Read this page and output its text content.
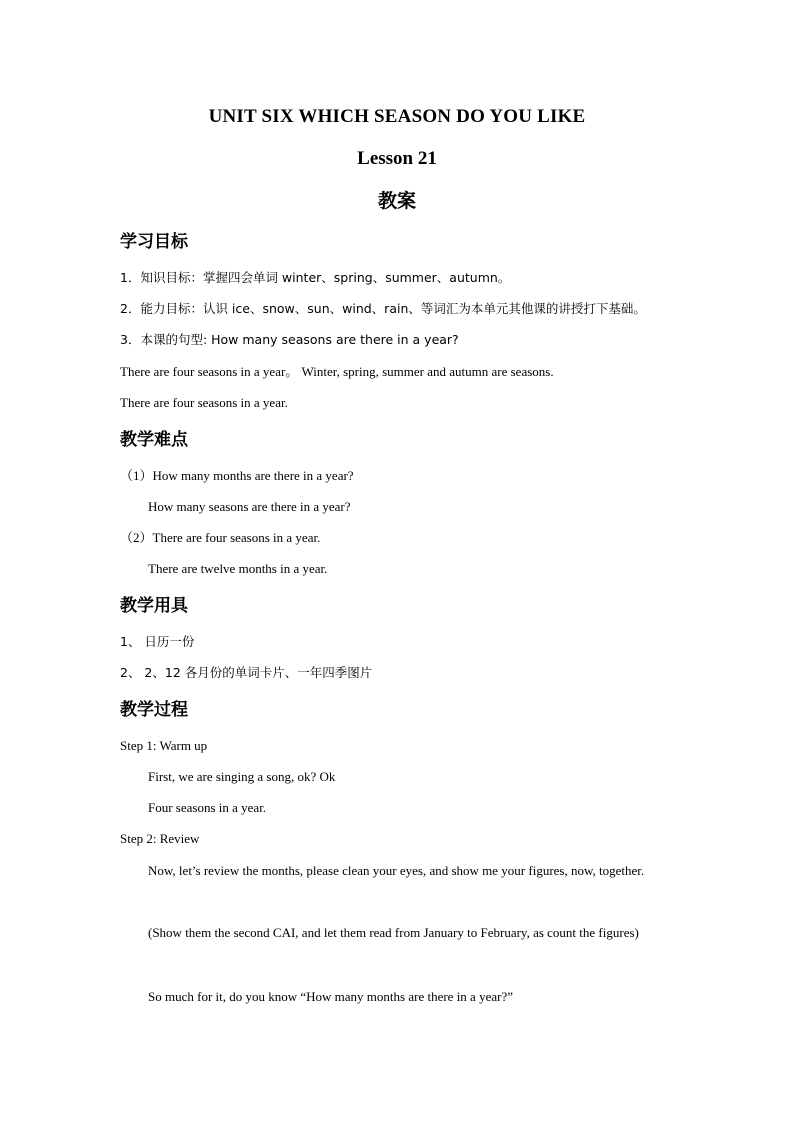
UNIT SIX WHICH SEASON DO YOU LIKE
Lesson 21
教案
学习目标
1．知识目标：掌握四会单词 winter、spring、summer、autumn。
2．能力目标：认识 ice、snow、sun、wind、rain、等词汇为本单元其他课的讲授打下基础。
3．本课的句型: How many seasons are there in a year?
There are four seasons in a year。 Winter, spring, summer and autumn are seasons.
There are four seasons in a year.
教学难点
（1）How many months are there in a year?
How many seasons are there in a year?
（2）There are four seasons in a year.
There are twelve months in a year.
教学用具
1、 日历一份
2、 2、12 各月份的单词卡片、一年四季图片
教学过程
Step 1: Warm up
First, we are singing a song, ok? Ok
Four seasons in a year.
Step 2: Review
Now, let’s review the months, please clean your eyes, and show me your figures, now, together.
(Show them the second CAI, and let them read from January to February, as count the figures)
So much for it, do you know “How many months are there in a year?”
